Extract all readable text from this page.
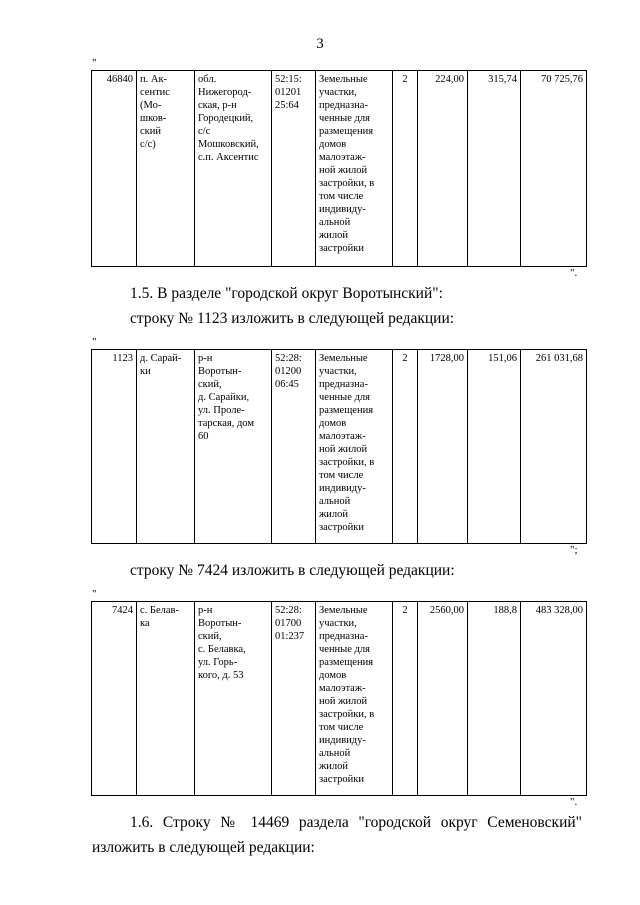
3
"
46840	п. Ак-
сентис
(Мо-
шков-
ский
с/с)	обл.
Нижегород-
ская, р-н
Городецкий,
с/с
Мошковский,
с.п. Аксентис	52:15:
01201
25:64	Земельные
участки,
предназна-
ченные для
размещения
домов
малоэтаж-
ной жилой
застройки, в
том числе
индивиду-
альной
жилой
застройки	2	224,00	315,74	70 725,76
".
1.5. В разделе "городской округ Воротынский":
строку № 1123 изложить в следующей редакции:
"
1123	д. Сарай-
ки	р-н
Воротын-
ский,
д. Сарайки,
ул. Проле-
тарская, дом
60	52:28:
01200
06:45	Земельные
участки,
предназна-
ченные для
размещения
домов
малоэтаж-
ной жилой
застройки, в
том числе
индивиду-
альной
жилой
застройки	2	1728,00	151,06	261 031,68
";
строку № 7424 изложить в следующей редакции:
"
7424	с. Белав-
ка	р-н
Воротын-
ский,
с. Белавка,
ул. Горь-
кого, д. 53	52:28:
01700
01:237	Земельные
участки,
предназна-
ченные для
размещения
домов
малоэтаж-
ной жилой
застройки, в
том числе
индивиду-
альной
жилой
застройки	2	2560,00	188,8	483 328,00
".
1.6. Строку № 14469 раздела "городской округ Семеновский"
изложить в следующей редакции:
